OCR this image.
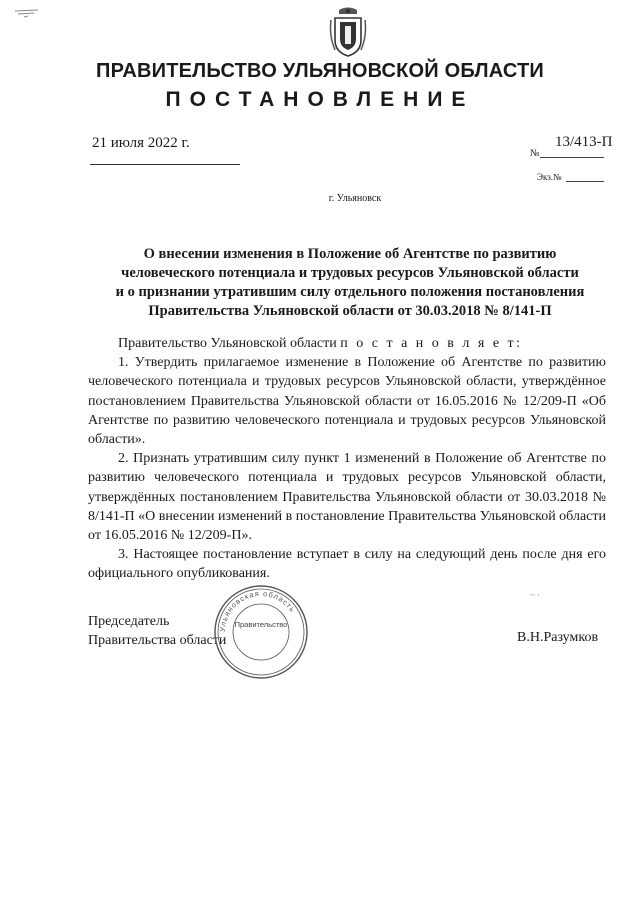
ПРАВИТЕЛЬСТВО УЛЬЯНОВСКОЙ ОБЛАСТИ
ПОСТАНОВЛЕНИЕ
21 июля 2022 г.	13/413-П
№
Экз.№
г. Ульяновск
О внесении изменения в Положение об Агентстве по развитию
человеческого потенциала и трудовых ресурсов Ульяновской области
и о признании утратившим силу отдельного положения постановления
Правительства Ульяновской области от 30.03.2018 № 8/141-П

Правительство Ульяновской области п о с т а н о в л я е т:

1. Утвердить прилагаемое изменение в Положение об Агентстве по развитию человеческого потенциала и трудовых ресурсов Ульяновской области, утверждённое постановлением Правительства Ульяновской области от 16.05.2016 № 12/209-П «Об Агентстве по развитию человеческого потенциала и трудовых ресурсов Ульяновской области».

2. Признать утратившим силу пункт 1 изменений в Положение об Агентстве по развитию человеческого потенциала и трудовых ресурсов Ульяновской области, утверждённых постановлением Правительства Ульяновской области от 30.03.2018 № 8/141-П «О внесении изменений в постановление Правительства Ульяновской области от 16.05.2016 № 12/209-П».

3. Настоящее постановление вступает в силу на следующий день после дня его официального опубликования.

~ ·
Председатель
Правительства области
Ульяновская область
Правительство
В.Н.Разумков
